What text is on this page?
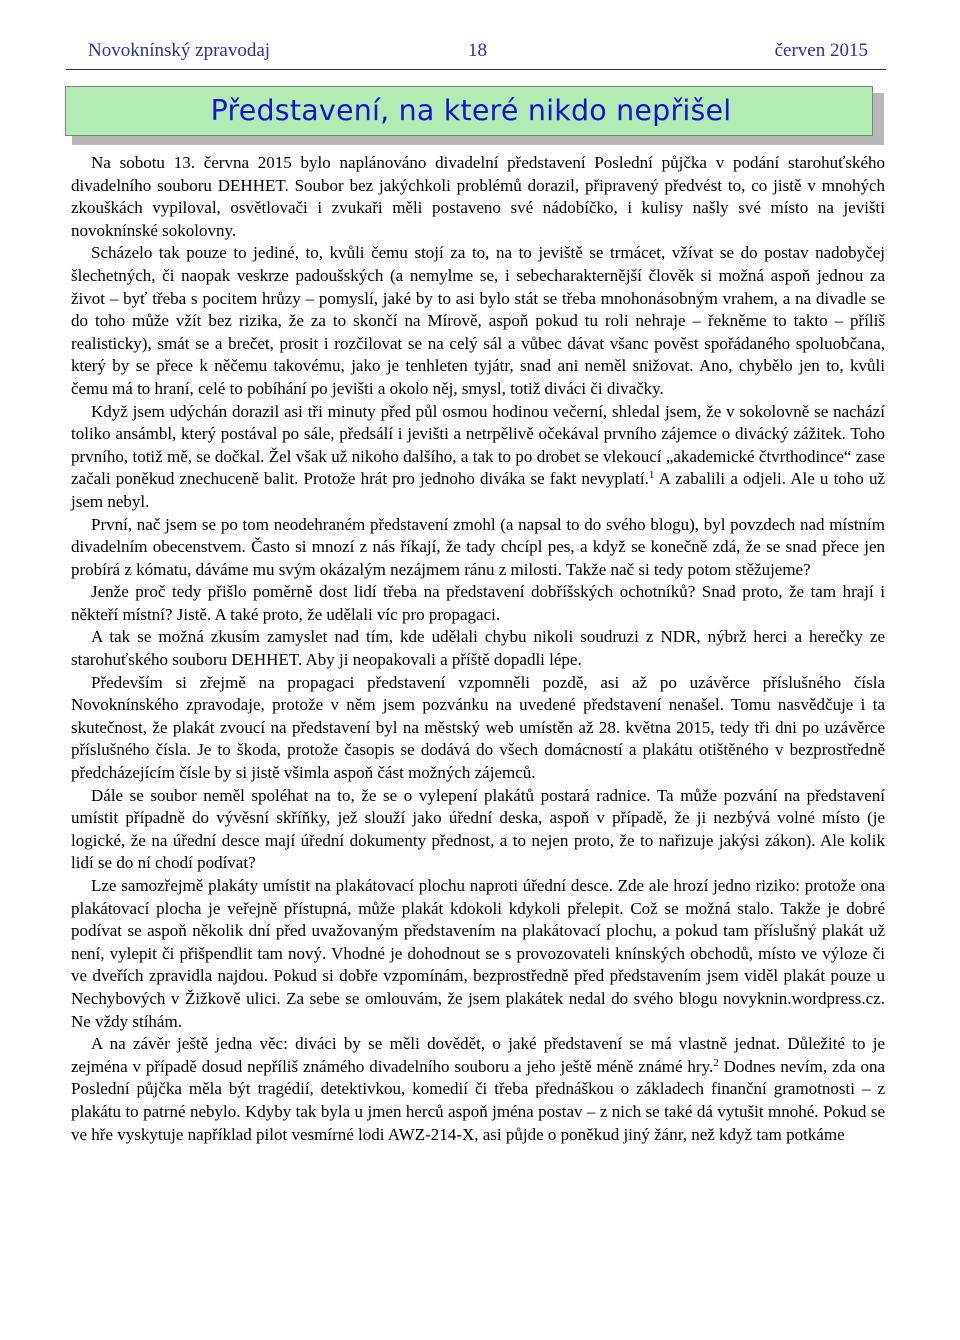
Novoknínský zpravodaj	18	červen 2015
Představení, na které nikdo nepřišel

Na sobotu 13. června 2015 bylo naplánováno divadelní představení Poslední půjčka v podání starohuťského divadelního souboru DEHHET. Soubor bez jakýchkoli problémů dorazil, připravený předvést to, co jistě v mnohých zkouškách vypiloval, osvětlovači i zvukaři měli postaveno své nádobíčko, i kulisy našly své místo na jevišti novoknínské sokolovny.

Scházelo tak pouze to jediné, to, kvůli čemu stojí za to, na to jeviště se trmácet, vžívat se do postav nadobyčej šlechetných, či naopak veskrze padoušských (a nemylme se, i sebecharakternější člověk si možná aspoň jednou za život – byť třeba s pocitem hrůzy – pomyslí, jaké by to asi bylo stát se třeba mnohonásobným vrahem, a na divadle se do toho může vžít bez rizika, že za to skončí na Mírově, aspoň pokud tu roli nehraje – řekněme to takto – příliš realisticky), smát se a brečet, prosit i rozčilovat se na celý sál a vůbec dávat všanc pověst spořádaného spoluobčana, který by se přece k něčemu takovému, jako je tenhleten tyjátr, snad ani neměl snižovat. Ano, chybělo jen to, kvůli čemu má to hraní, celé to pobíhání po jevišti a okolo něj, smysl, totiž diváci či divačky.

Když jsem udýchán dorazil asi tři minuty před půl osmou hodinou večerní, shledal jsem, že v sokolovně se nachází toliko ansámbl, který postával po sále, předsálí i jevišti a netrpělivě očekával prvního zájemce o divácký zážitek. Toho prvního, totiž mě, se dočkal. Žel však už nikoho dalšího, a tak to po drobet se vlekoucí „akademické čtvrthodince“ zase začali poněkud znechuceně balit. Protože hrát pro jednoho diváka se fakt nevyplatí.$^1$ A zabalili a odjeli. Ale u toho už jsem nebyl.

První, nač jsem se po tom neodehraném představení zmohl (a napsal to do svého blogu), byl povzdech nad místním divadelním obecenstvem. Často si mnozí z nás říkají, že tady chcípl pes, a když se konečně zdá, že se snad přece jen probírá z kómatu, dáváme mu svým okázalým nezájmem ránu z milosti. Takže nač si tedy potom stěžujeme?

Jenže proč tedy přišlo poměrně dost lidí třeba na představení dobříšských ochotníků? Snad proto, že tam hrají i někteří místní? Jistě. A také proto, že udělali víc pro propagaci.

A tak se možná zkusím zamyslet nad tím, kde udělali chybu nikoli soudruzi z NDR, nýbrž herci a herečky ze starohuťského souboru DEHHET. Aby ji neopakovali a příště dopadli lépe.

Především si zřejmě na propagaci představení vzpomněli pozdě, asi až po uzávěrce příslušného čísla Novoknínského zpravodaje, protože v něm jsem pozvánku na uvedené představení nenašel. Tomu nasvědčuje i ta skutečnost, že plakát zvoucí na představení byl na městský web umístěn až 28. května 2015, tedy tři dni po uzávěrce příslušného čísla. Je to škoda, protože časopis se dodává do všech domácností a plakátu otištěného v bezprostředně předcházejícím čísle by si jistě všimla aspoň část možných zájemců.

Dále se soubor neměl spoléhat na to, že se o vylepení plakátů postará radnice. Ta může pozvání na představení umístit případně do vývěsní skříňky, jež slouží jako úřední deska, aspoň v případě, že ji nezbývá volné místo (je logické, že na úřední desce mají úřední dokumenty přednost, a to nejen proto, že to nařizuje jakýsi zákon). Ale kolik lidí se do ní chodí podívat?

Lze samozřejmě plakáty umístit na plakátovací plochu naproti úřední desce. Zde ale hrozí jedno riziko: protože ona plakátovací plocha je veřejně přístupná, může plakát kdokoli kdykoli přelepit. Což se možná stalo. Takže je dobré podívat se aspoň několik dní před uvažovaným představením na plakátovací plochu, a pokud tam příslušný plakát už není, vylepit či přišpendlit tam nový. Vhodné je dohodnout se s provozovateli knínských obchodů, místo ve výloze či ve dveřích zpravidla najdou. Pokud si dobře vzpomínám, bezprostředně před představením jsem viděl plakát pouze u Nechybových v Žižkově ulici. Za sebe se omlouvám, že jsem plakátek nedal do svého blogu novyknin.wordpress.cz. Ne vždy stíhám.

A na závěr ještě jedna věc: diváci by se měli dovědět, o jaké představení se má vlastně jednat. Důležité to je zejména v případě dosud nepříliš známého divadelního souboru a jeho ještě méně známé hry.$^2$ Dodnes nevím, zda ona Poslední půjčka měla být tragédií, detektivkou, komedií či třeba přednáškou o základech finanční gramotnosti – z plakátu to patrné nebylo. Kdyby tak byla u jmen herců aspoň jména postav – z nich se také dá vytušit mnohé. Pokud se ve hře vyskytuje například pilot vesmírné lodi AWZ-214-X, asi půjde o poněkud jiný žánr, než když tam potkáme
